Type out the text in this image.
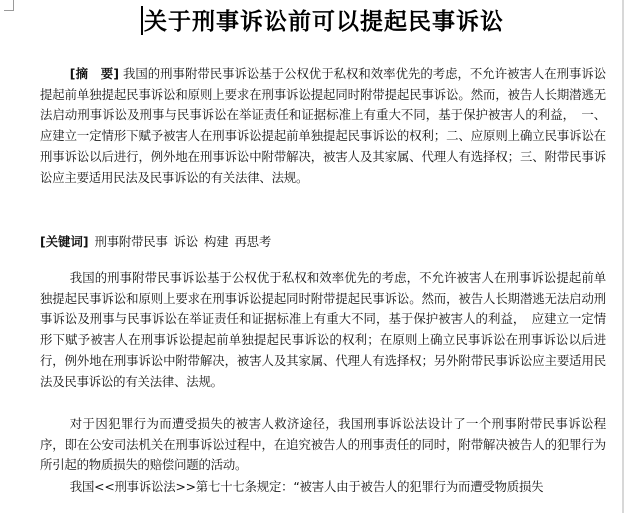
关于刑事诉讼前可以提起民事诉讼

[摘　要] 我国的刑事附带民事诉讼基于公权优于私权和效率优先的考虑，不允许被害人在刑事诉讼提起前单独提起民事诉讼和原则上要求在刑事诉讼提起同时附带提起民事诉讼。然而，被告人长期潜逃无法启动刑事诉讼及刑事与民事诉讼在举证责任和证据标准上有重大不同，基于保护被害人的利益，　一、应建立一定情形下赋予被害人在刑事诉讼提起前单独提起民事诉讼的权利；二、应原则上确立民事诉讼在刑事诉讼以后进行，例外地在刑事诉讼中附带解决，被害人及其家属、代理人有选择权；三、附带民事诉讼应主要适用民法及民事诉讼的有关法律、法规。

[关键词] 刑事附带民事 诉讼 构建 再思考

我国的刑事附带民事诉讼基于公权优于私权和效率优先的考虑，不允许被害人在刑事诉讼提起前单独提起民事诉讼和原则上要求在刑事诉讼提起同时附带提起民事诉讼。然而，被告人长期潜逃无法启动刑事诉讼及刑事与民事诉讼在举证责任和证据标准上有重大不同，基于保护被害人的利益，　应建立一定情形下赋予被害人在刑事诉讼提起前单独提起民事诉讼的权利；在原则上确立民事诉讼在刑事诉讼以后进行，例外地在刑事诉讼中附带解决，被害人及其家属、代理人有选择权；另外附带民事诉讼应主要适用民法及民事诉讼的有关法律、法规。

对于因犯罪行为而遭受损失的被害人救济途径，我国刑事诉讼法设计了一个刑事附带民事诉讼程序，即在公安司法机关在刑事诉讼过程中，在追究被告人的刑事责任的同时，附带解决被告人的犯罪行为所引起的物质损失的赔偿问题的活动。

我国<<刑事诉讼法>>第七十七条规定：“被害人由于被告人的犯罪行为而遭受物质损失
